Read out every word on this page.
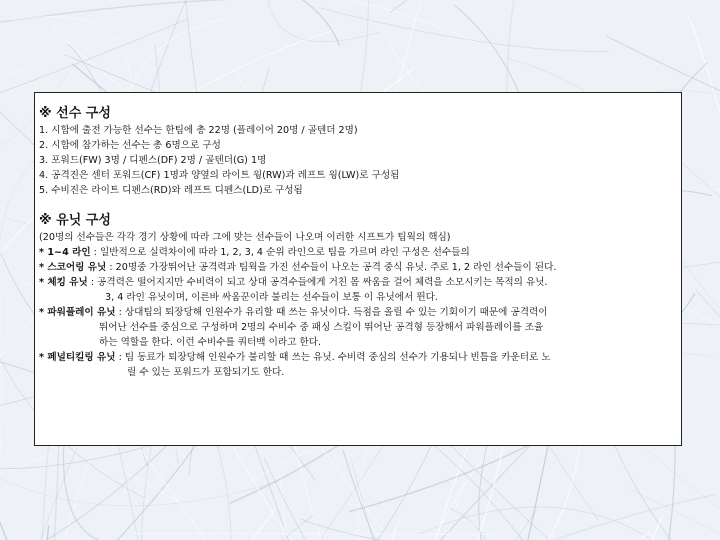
※ 선수 구성

1. 시합에 출전 가능한 선수는 한팀에 총 22명 (플레이어 20명 / 골텐더 2명)

2. 시합에 참가하는 선수는 총 6명으로 구성

3. 포워드(FW) 3명 / 디펜스(DF) 2명 / 골텐더(G) 1명

4. 공격진은 센터 포워드(CF) 1명과 양옆의 라이트 윙(RW)과 레프트 윙(LW)로 구성됨

5. 수비진은 라이트 디펜스(RD)와 레프트 디펜스(LD)로 구성됨

※ 유닛 구성

(20명의 선수들은 각각 경기 상황에 따라 그에 맞는 선수들이 나오며 이러한 시프트가 팀웍의 핵심)

* 1~4 라인 : 일반적으로 실력차이에 따라 1, 2, 3, 4 순위 라인으로 팀을 가르며 라인 구성은 선수들의

* 스코어링 유닛 : 20명중 가장뛰어난 공격력과 팀웍을 가진 선수들이 나오는 공격 중식 유닛. 주로 1, 2 라인 선수들이 된다.

* 체킹 유닛 : 공격력은 떨어지지만 수비력이 되고 상대 공격수들에게 거친 몸 싸움을 걸어 체력을 소모시키는 목적의 유닛.

3, 4 라인 유닛이며, 이른바 싸움꾼이라 불리는 선수들이 보통 이 유닛에서 뛴다.

* 파워플레이 유닛 : 상대팀의 퇴장당해 인원수가 유리할 때 쓰는 유닛이다. 득점을 올릴 수 있는 기회이기 때문에 공격력이

뛰어난 선수를 중심으로 구성하며 2명의 수비수 중 패싱 스킬이 뛰어난 공격형 등장해서 파워플레이를 조율

하는 역할을 한다. 이런 수비수를 쿼터백 이라고 한다.

* 페널티킬링 유닛 : 팀 동료가 퇴장당해 인원수가 불리할 때 쓰는 유닛. 수비력 중심의 선수가 기용되나 빈틈을 카운터로 노

릴 수 있는 포워드가 포함되기도 한다.
